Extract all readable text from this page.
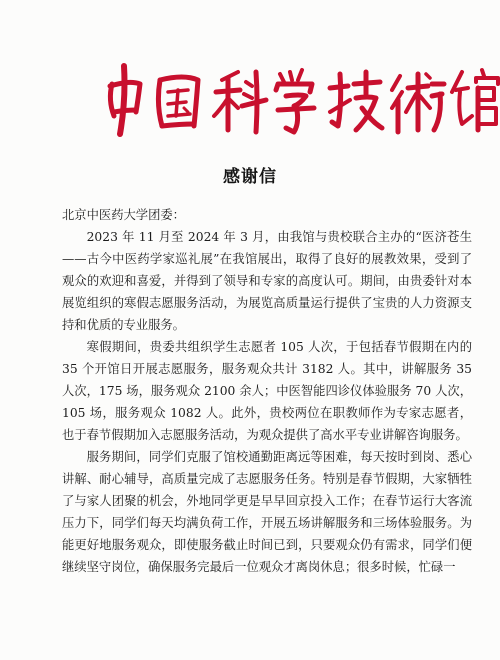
感谢信

北京中医药大学团委：

2023 年 11 月至 2024 年 3 月，由我馆与贵校联合主办的“医济苍生——古今中医药学家巡礼展”在我馆展出，取得了良好的展教效果，受到了观众的欢迎和喜爱，并得到了领导和专家的高度认可。期间，由贵委针对本展览组织的寒假志愿服务活动，为展览高质量运行提供了宝贵的人力资源支持和优质的专业服务。

寒假期间，贵委共组织学生志愿者 105 人次，于包括春节假期在内的 35 个开馆日开展志愿服务，服务观众共计 3182 人。其中，讲解服务 35 人次，175 场，服务观众 2100 余人；中医智能四诊仪体验服务 70 人次，105 场，服务观众 1082 人。此外，贵校两位在职教师作为专家志愿者，也于春节假期加入志愿服务活动，为观众提供了高水平专业讲解咨询服务。

服务期间，同学们克服了馆校通勤距离远等困难，每天按时到岗、悉心讲解、耐心辅导，高质量完成了志愿服务任务。特别是春节假期，大家牺牲了与家人团聚的机会，外地同学更是早早回京投入工作；在春节运行大客流压力下，同学们每天均满负荷工作，开展五场讲解服务和三场体验服务。为能更好地服务观众，即使服务截止时间已到，只要观众仍有需求，同学们便继续坚守岗位，确保服务完最后一位观众才离岗休息；很多时候，忙碌一
